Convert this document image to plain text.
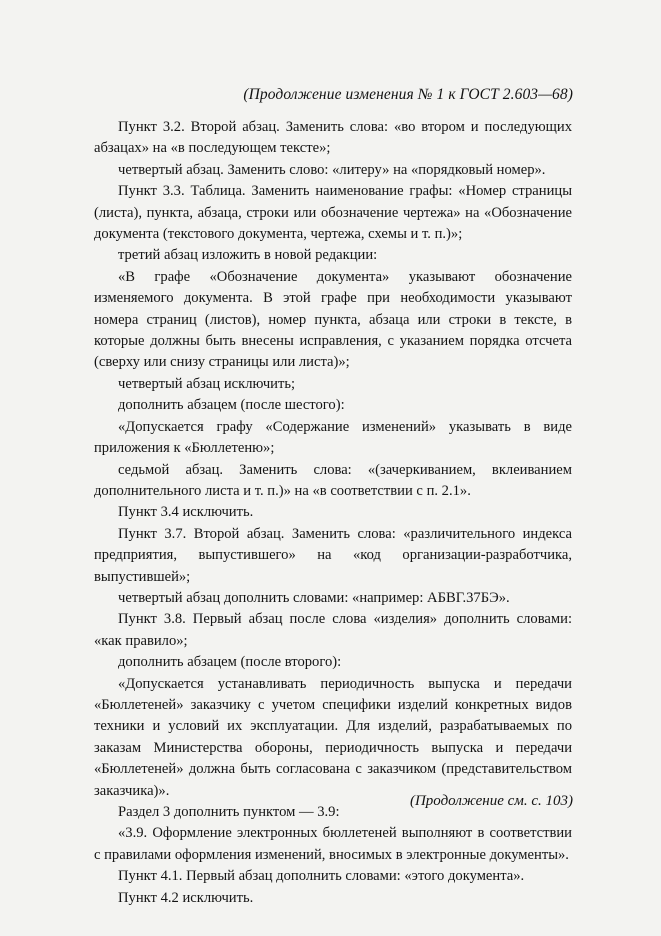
(Продолжение изменения № 1 к ГОСТ 2.603—68)

Пункт 3.2. Второй абзац. Заменить слова: «во втором и последующих абзацах» на «в последующем тексте»;

четвертый абзац. Заменить слово: «литеру» на «порядковый номер».

Пункт 3.3. Таблица. Заменить наименование графы: «Номер страницы (листа), пункта, абзаца, строки или обозначение чертежа» на «Обозначение документа (текстового документа, чертежа, схемы и т. п.)»;

третий абзац изложить в новой редакции:

«В графе «Обозначение документа» указывают обозначение изменяемого документа. В этой графе при необходимости указывают номера страниц (листов), номер пункта, абзаца или строки в тексте, в которые должны быть внесены исправления, с указанием порядка отсчета (сверху или снизу страницы или листа)»;

четвертый абзац исключить;

дополнить абзацем (после шестого):

«Допускается графу «Содержание изменений» указывать в виде приложения к «Бюллетеню»;

седьмой абзац. Заменить слова: «(зачеркиванием, вклеиванием дополнительного листа и т. п.)» на «в соответствии с п. 2.1».

Пункт 3.4 исключить.

Пункт 3.7. Второй абзац. Заменить слова: «различительного индекса предприятия, выпустившего» на «код организации-разработчика, выпустившей»;

четвертый абзац дополнить словами: «например: АБВГ.37БЭ».

Пункт 3.8. Первый абзац после слова «изделия» дополнить словами: «как правило»;

дополнить абзацем (после второго):

«Допускается устанавливать периодичность выпуска и передачи «Бюллетеней» заказчику с учетом специфики изделий конкретных видов техники и условий их эксплуатации. Для изделий, разрабатываемых по заказам Министерства обороны, периодичность выпуска и передачи «Бюллетеней» должна быть согласована с заказчиком (представительством заказчика)».

Раздел 3 дополнить пунктом — 3.9:

«3.9. Оформление электронных бюллетеней выполняют в соответствии с правилами оформления изменений, вносимых в электронные документы».

Пункт 4.1. Первый абзац дополнить словами: «этого документа».

Пункт 4.2 исключить.

(Продолжение см. с. 103)
